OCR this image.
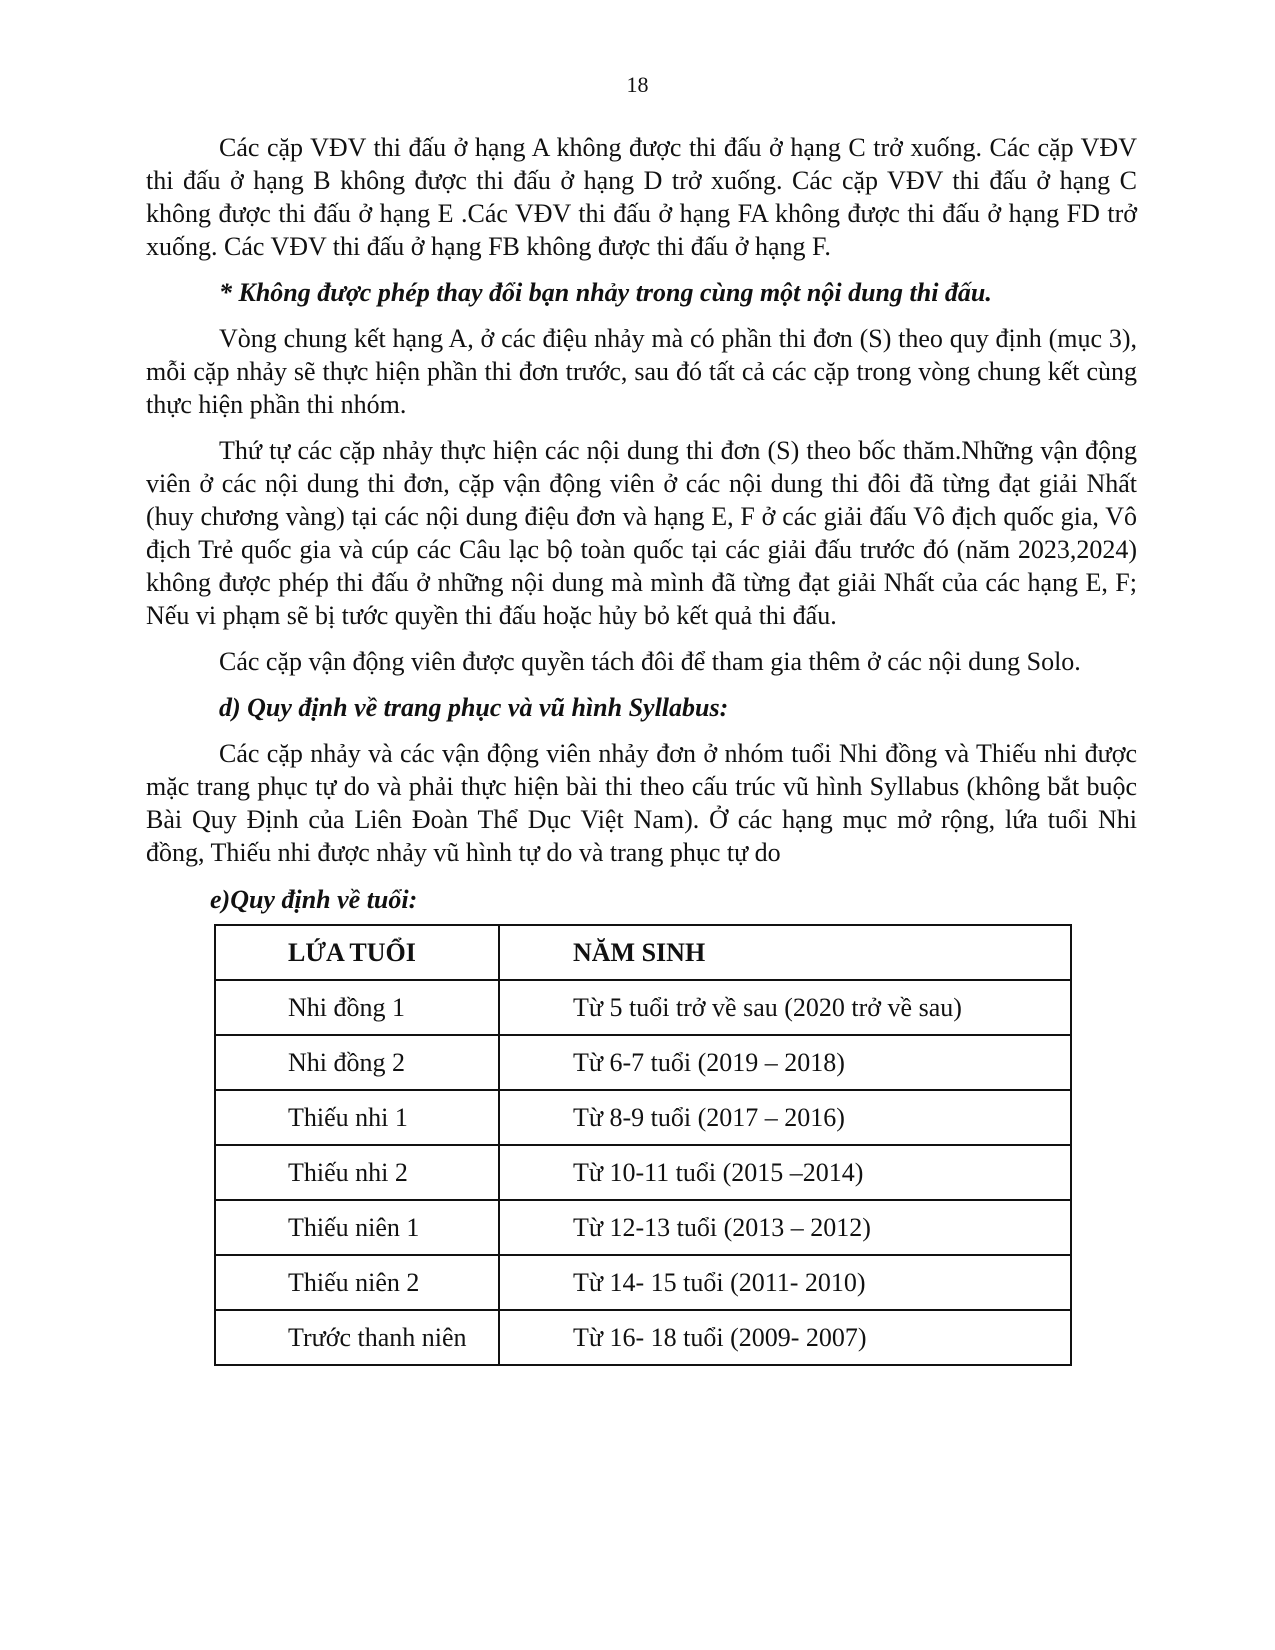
18

Các cặp VĐV thi đấu ở hạng A không được thi đấu ở hạng C trở xuống. Các cặp VĐV thi đấu ở hạng B không được thi đấu ở hạng D trở xuống. Các cặp VĐV thi đấu ở hạng C không được thi đấu ở hạng E .Các VĐV thi đấu ở hạng FA không được thi đấu ở hạng FD trở xuống. Các VĐV thi đấu ở hạng FB không được thi đấu ở hạng F.

* Không được phép thay đổi bạn nhảy trong cùng một nội dung thi đấu.

Vòng chung kết hạng A, ở các điệu nhảy mà có phần thi đơn (S) theo quy định (mục 3), mỗi cặp nhảy sẽ thực hiện phần thi đơn trước, sau đó tất cả các cặp trong vòng chung kết cùng thực hiện phần thi nhóm.

Thứ tự các cặp nhảy thực hiện các nội dung thi đơn (S) theo bốc thăm.Những vận động viên ở các nội dung thi đơn, cặp vận động viên ở các nội dung thi đôi đã từng đạt giải Nhất (huy chương vàng) tại các nội dung điệu đơn và hạng E, F ở các giải đấu Vô địch quốc gia, Vô địch Trẻ quốc gia và cúp các Câu lạc bộ toàn quốc tại các giải đấu trước đó (năm 2023,2024) không được phép thi đấu ở những nội dung mà mình đã từng đạt giải Nhất của các hạng E, F; Nếu vi phạm sẽ bị tước quyền thi đấu hoặc hủy bỏ kết quả thi đấu.

Các cặp vận động viên được quyền tách đôi để tham gia thêm ở các nội dung Solo.

d) Quy định về trang phục và vũ hình Syllabus:

Các cặp nhảy và các vận động viên nhảy đơn ở nhóm tuổi Nhi đồng và Thiếu nhi được mặc trang phục tự do và phải thực hiện bài thi theo cấu trúc vũ hình Syllabus (không bắt buộc Bài Quy Định của Liên Đoàn Thể Dục Việt Nam). Ở các hạng mục mở rộng, lứa tuổi Nhi đồng, Thiếu nhi được nhảy vũ hình tự do và trang phục tự do

e)Quy định về tuổi:

LỨA TUỔI	NĂM SINH
Nhi đồng 1	Từ 5 tuổi trở về sau (2020 trở về sau)
Nhi đồng 2	Từ 6-7 tuổi (2019 – 2018)
Thiếu nhi 1	Từ 8-9 tuổi (2017 – 2016)
Thiếu nhi 2	Từ 10-11 tuổi (2015 –2014)
Thiếu niên 1	Từ 12-13 tuổi (2013 – 2012)
Thiếu niên 2	Từ 14- 15 tuổi (2011- 2010)
Trước thanh niên	Từ 16- 18 tuổi (2009- 2007)
